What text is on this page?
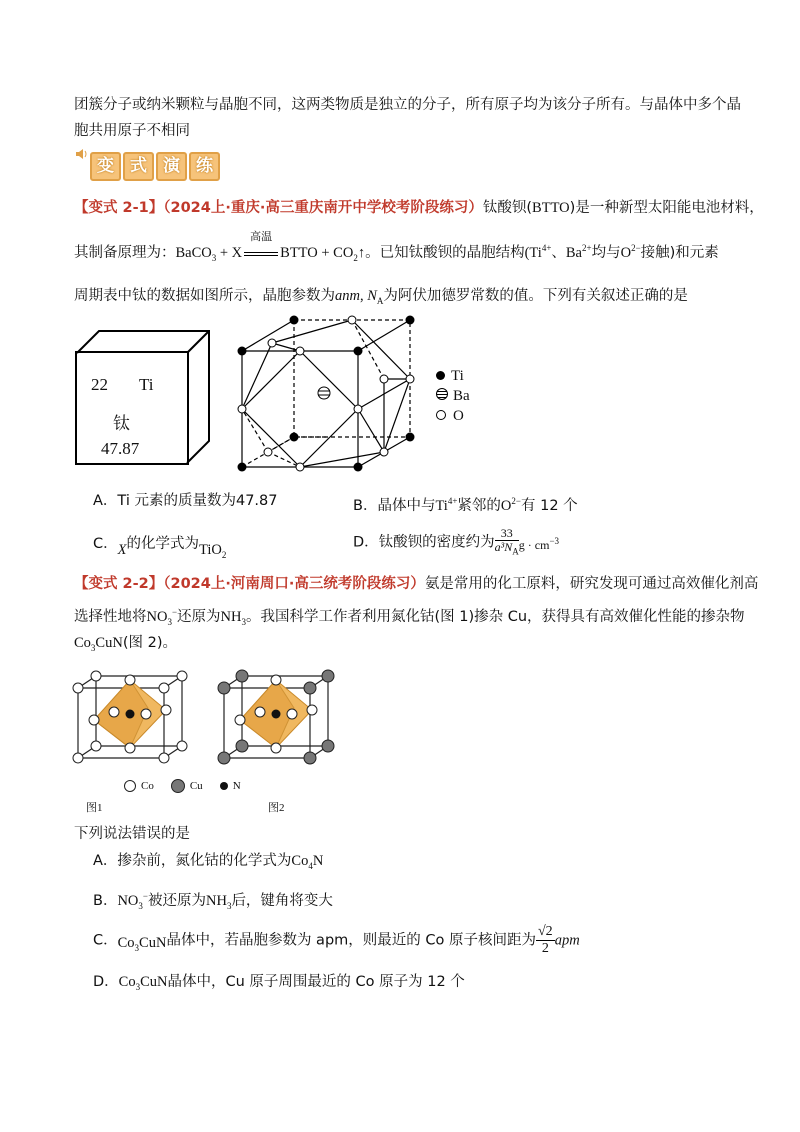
团簇分子或纳米颗粒与晶胞不同，这两类物质是独立的分子，所有原子均为该分子所有。与晶体中多个晶
胞共用原子不相同
变 式 演 练
【变式 2-1】（2024上·重庆·高三重庆南开中学校考阶段练习）钛酸钡(BTTO)是一种新型太阳能电池材料，
其制备原理为：BaCO$_3$ + X
高温
BTTO + $CO_2↑$。已知钛酸钡的晶胞结构($Ti^{4+}$、$Ba^{2+}$均与$O^{2-}$接触)和元素
周期表中钛的数据如图所示，晶胞参数为anm, $N_A$为阿伏加德罗常数的值。下列有关叙述正确的是
22 Ti
钛
47.87
Ti
Ba
O
A．Ti 元素的质量数为47.87	B．晶体中与$Ti^{4+}$紧邻的$O^{2-}$有 12 个
C．X的化学式为TiO$_2$
D．钛酸钡的密度约为 $\frac{33}{a^3N_A}$ $g \cdot cm^{-3}$
【变式 2-2】（2024上·河南周口·高三统考阶段练习）氨是常用的化工原料，研究发现可通过高效催化剂高
选择性地将$NO_3^-$还原为$NH_3$。我国科学工作者利用氮化钴(图 1)掺杂 Cu，获得具有高效催化性能的掺杂物
$Co_3CuN$(图 2)。
Co	Cu	N
图1	图2
下列说法错误的是
A．掺杂前，氮化钴的化学式为$Co_4N$
B．$NO_3^-$被还原为$NH_3$后，键角将变大
C．$Co_3CuN$晶体中，若晶胞参数为 apm，则最近的 Co 原子核间距为 $\frac{√2}{2}$ apm
D．$Co_3CuN$晶体中，Cu 原子周围最近的 Co 原子为 12 个
